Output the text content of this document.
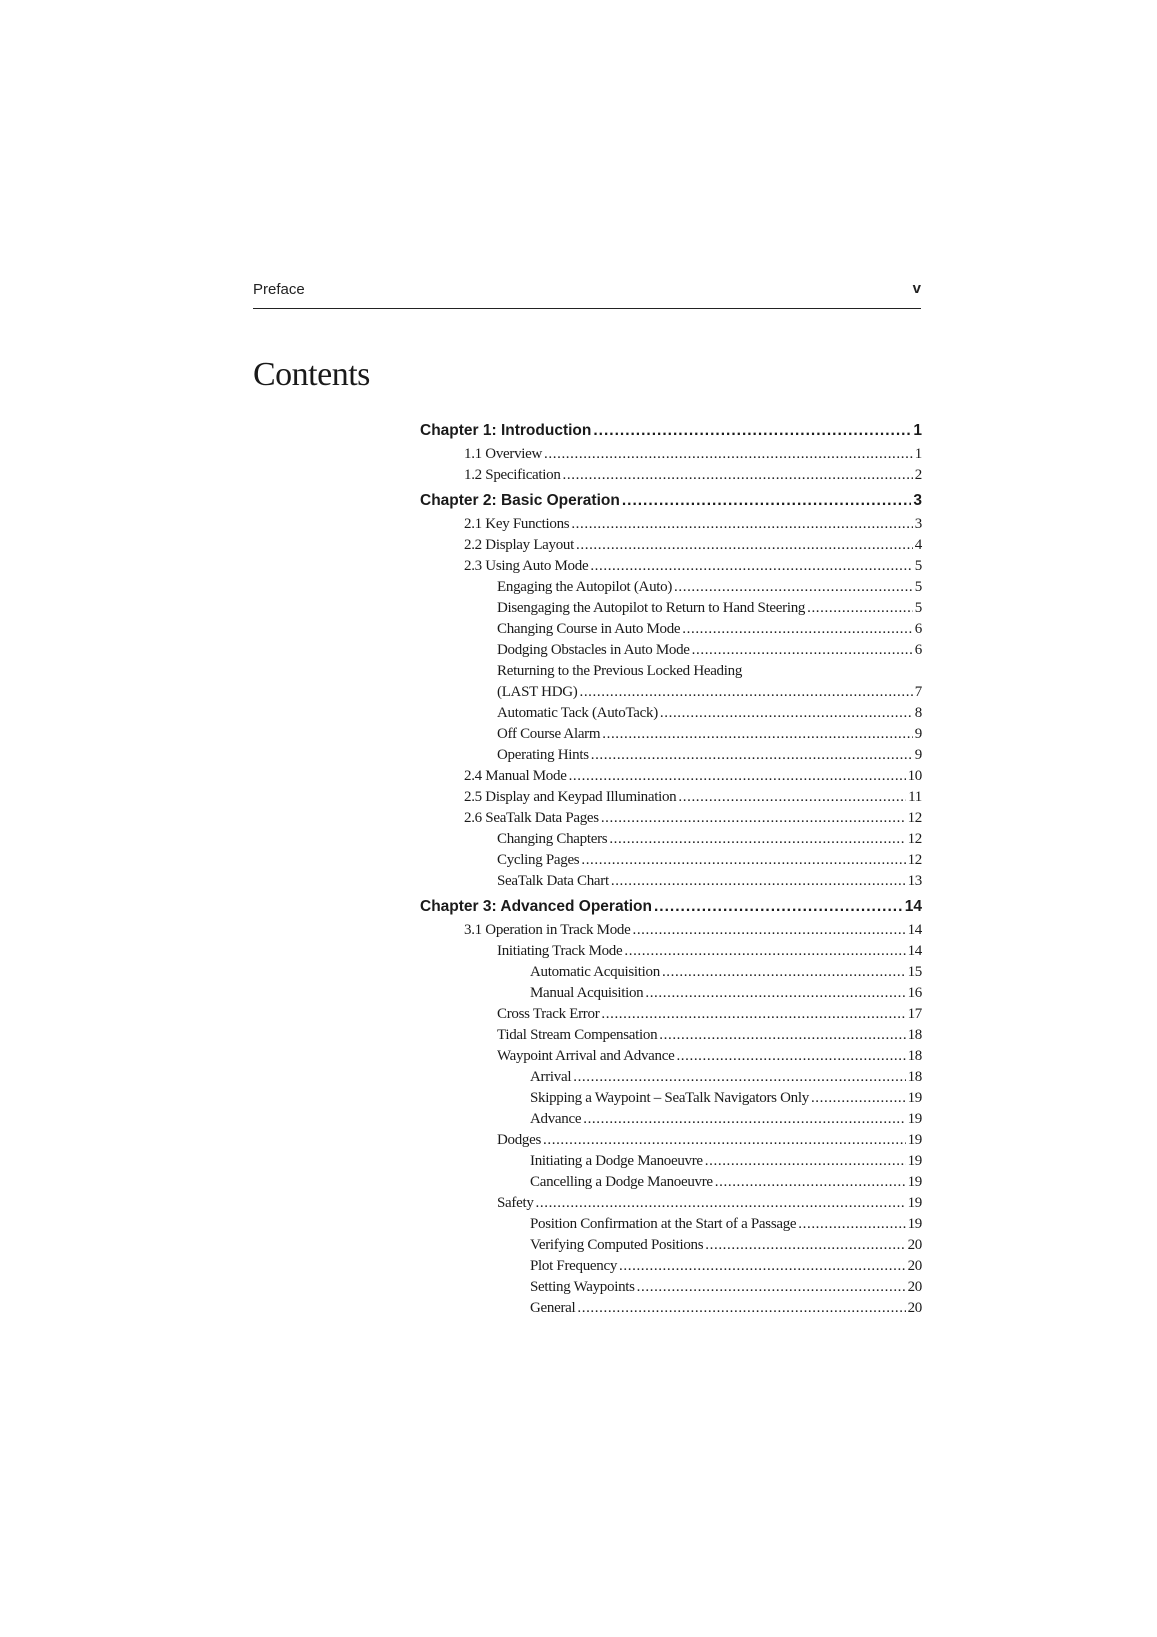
Preface	v
Contents
Chapter 1: Introduction .....	1
1.1 Overview .....	1
1.2 Specification .....	2
Chapter 2: Basic Operation .....	3
2.1 Key Functions .....	3
2.2 Display Layout .....	4
2.3 Using Auto Mode .....	5
Engaging the Autopilot (Auto) .....	5
Disengaging the Autopilot to Return to Hand Steering .....	5
Changing Course in Auto Mode .....	6
Dodging Obstacles in Auto Mode .....	6
Returning to the Previous Locked Heading
(LAST HDG) .....	7
Automatic Tack (AutoTack) .....	8
Off Course Alarm .....	9
Operating Hints .....	9
2.4 Manual Mode .....	10
2.5 Display and Keypad Illumination .....	11
2.6 SeaTalk Data Pages .....	12
Changing Chapters .....	12
Cycling Pages .....	12
SeaTalk Data Chart .....	13
Chapter 3: Advanced Operation .....	14
3.1 Operation in Track Mode .....	14
Initiating Track Mode .....	14
Automatic Acquisition .....	15
Manual Acquisition .....	16
Cross Track Error .....	17
Tidal Stream Compensation .....	18
Waypoint Arrival and Advance .....	18
Arrival .....	18
Skipping a Waypoint – SeaTalk Navigators Only .....	19
Advance .....	19
Dodges .....	19
Initiating a Dodge Manoeuvre .....	19
Cancelling a Dodge Manoeuvre .....	19
Safety .....	19
Position Confirmation at the Start of a Passage .....	19
Verifying Computed Positions .....	20
Plot Frequency .....	20
Setting Waypoints .....	20
General .....	20
